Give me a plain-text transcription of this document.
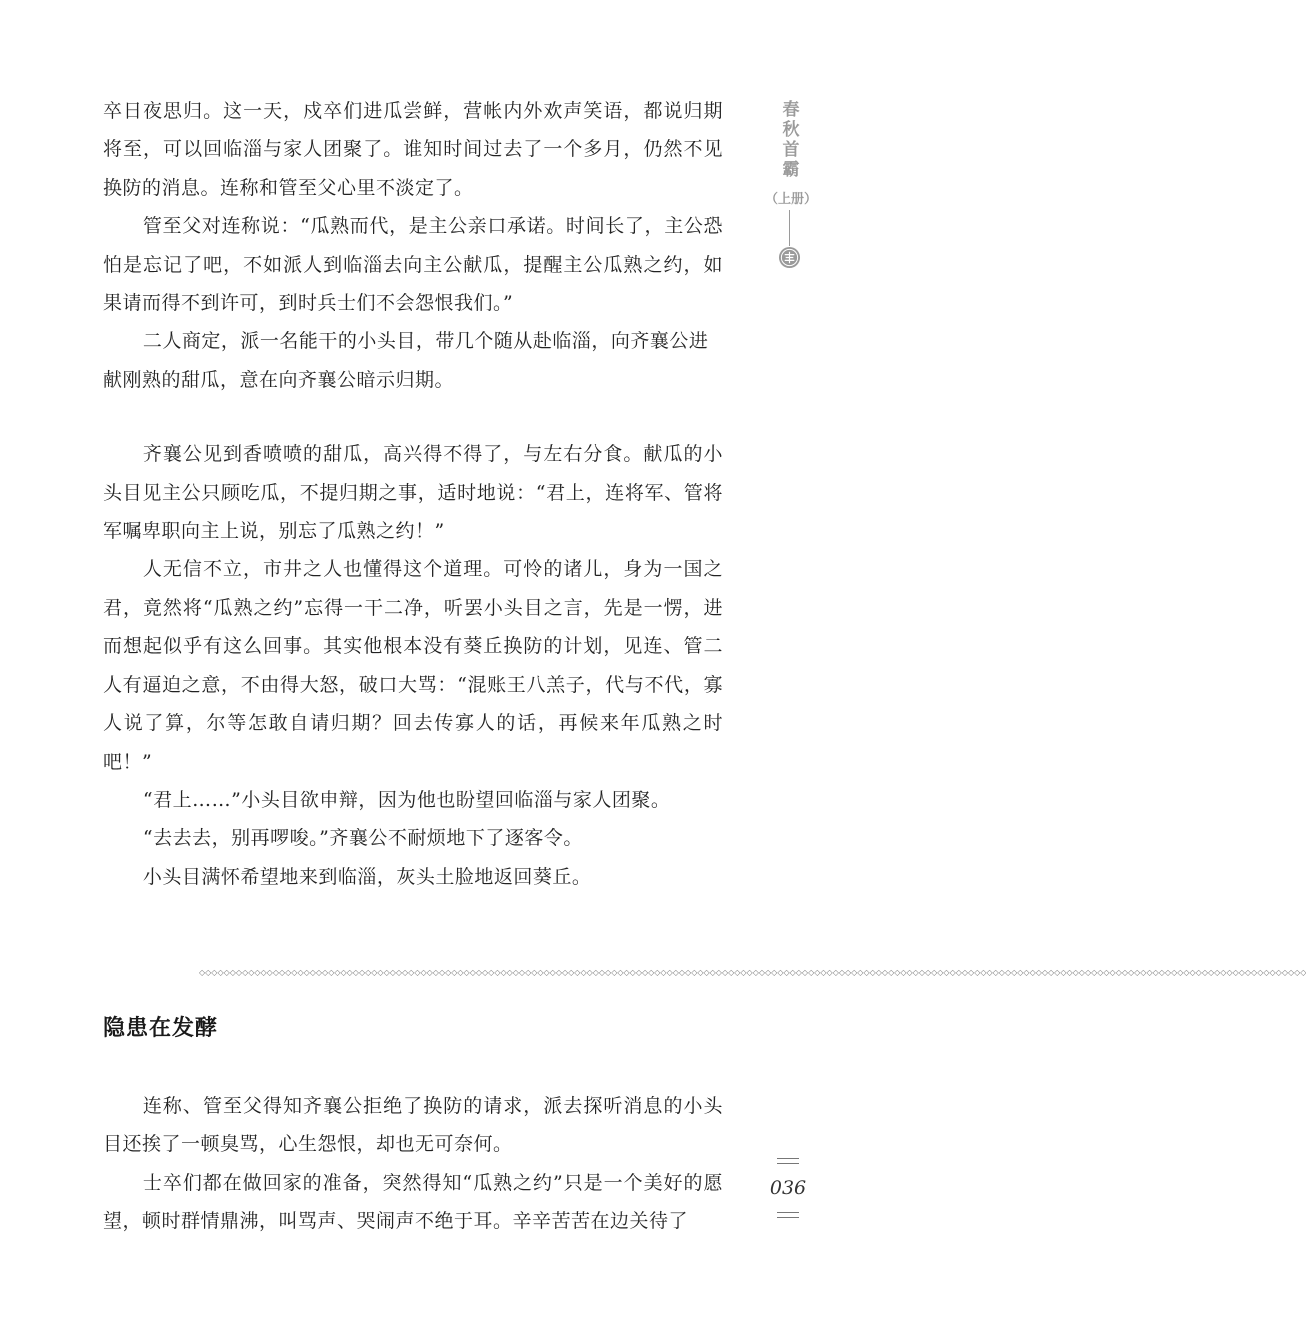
卒日夜思归。这一天，戍卒们进瓜尝鲜，营帐内外欢声笑语，都说归期将至，可以回临淄与家人团聚了。谁知时间过去了一个多月，仍然不见换防的消息。连称和管至父心里不淡定了。

管至父对连称说：“瓜熟而代，是主公亲口承诺。时间长了，主公恐怕是忘记了吧，不如派人到临淄去向主公献瓜，提醒主公瓜熟之约，如果请而得不到许可，到时兵士们不会怨恨我们。”

二人商定，派一名能干的小头目，带几个随从赴临淄，向齐襄公进献刚熟的甜瓜，意在向齐襄公暗示归期。

齐襄公见到香喷喷的甜瓜，高兴得不得了，与左右分食。献瓜的小头目见主公只顾吃瓜，不提归期之事，适时地说：“君上，连将军、管将军嘱卑职向主上说，别忘了瓜熟之约！”

人无信不立，市井之人也懂得这个道理。可怜的诸儿，身为一国之君，竟然将“瓜熟之约”忘得一干二净，听罢小头目之言，先是一愣，进而想起似乎有这么回事。其实他根本没有葵丘换防的计划，见连、管二人有逼迫之意，不由得大怒，破口大骂：“混账王八羔子，代与不代，寡人说了算，尔等怎敢自请归期？回去传寡人的话，再候来年瓜熟之时吧！”

“君上……”小头目欲申辩，因为他也盼望回临淄与家人团聚。

“去去去，别再啰唆。”齐襄公不耐烦地下了逐客令。

小头目满怀希望地来到临淄，灰头土脸地返回葵丘。

◇◇◇◇◇◇◇◇◇◇◇◇◇◇◇◇◇◇◇◇◇◇◇◇◇◇◇◇◇◇◇◇◇◇◇◇◇◇◇◇◇◇◇◇◇◇◇◇◇◇◇◇◇◇◇◇◇◇◇◇◇◇◇◇◇◇◇◇◇◇◇◇◇◇◇◇◇◇◇◇◇◇◇◇◇◇◇◇◇◇◇◇◇◇◇◇◇◇◇◇◇◇◇◇◇◇◇◇◇◇◇◇◇◇◇◇◇◇◇◇◇◇◇◇◇◇◇◇◇◇◇◇◇◇◇◇◇◇◇◇◇◇◇◇◇◇◇◇◇◇◇◇◇◇◇◇◇◇◇◇◇◇◇◇◇◇◇◇◇◇◇◇◇◇◇◇◇◇◇◇
隐患在发酵

连称、管至父得知齐襄公拒绝了换防的请求，派去探听消息的小头目还挨了一顿臭骂，心生怨恨，却也无可奈何。

士卒们都在做回家的准备，突然得知“瓜熟之约”只是一个美好的愿望，顿时群情鼎沸，叫骂声、哭闹声不绝于耳。辛辛苦苦在边关待了

春
秋
首
霸
（上册）
036
